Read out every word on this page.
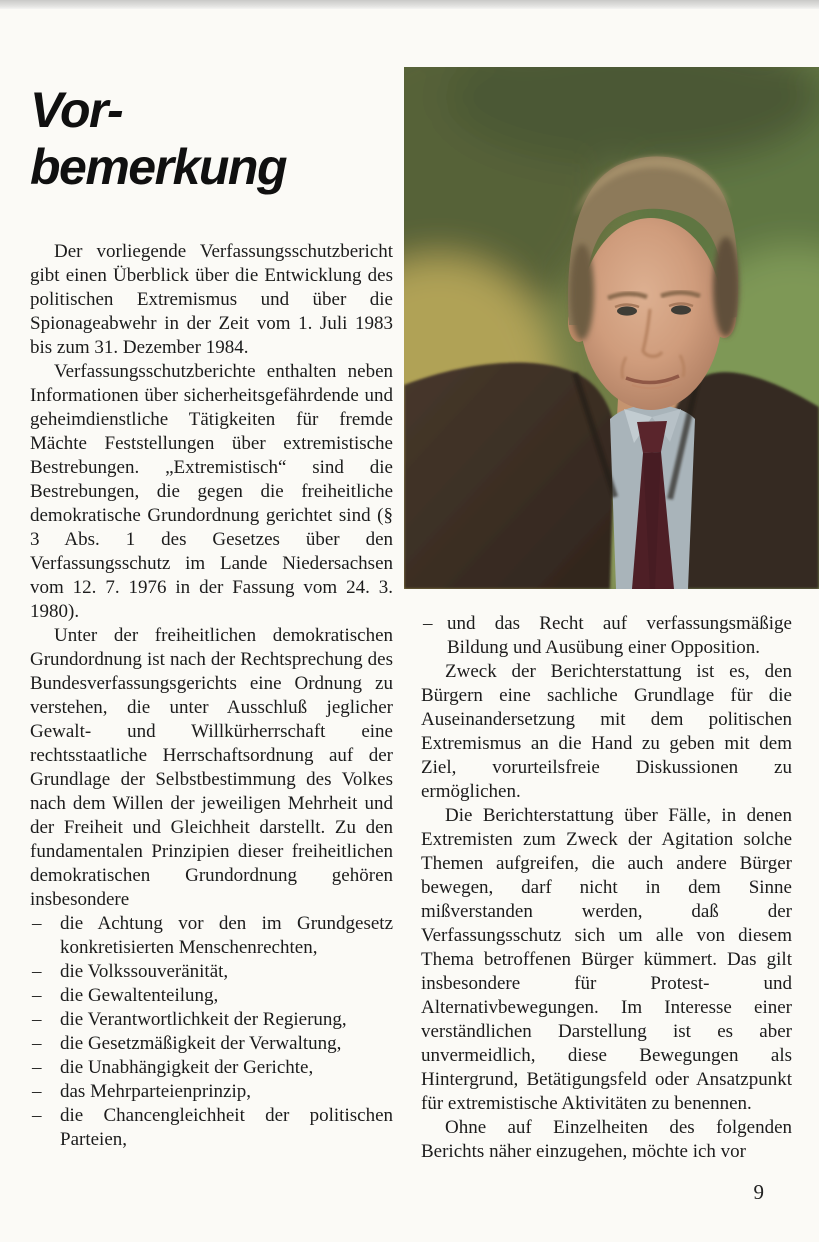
Vor-
bemerkung

Der vorliegende Verfassungsschutzbericht gibt einen Überblick über die Entwicklung des politischen Extremismus und über die Spionageabwehr in der Zeit vom 1. Juli 1983 bis zum 31. Dezember 1984.

Verfassungsschutzberichte enthalten neben Informationen über sicherheitsgefährdende und geheimdienstliche Tätigkeiten für fremde Mächte Feststellungen über extremistische Bestrebungen. „Extremistisch“ sind die Bestrebungen, die gegen die freiheitliche demokratische Grundordnung gerichtet sind (§ 3 Abs. 1 des Gesetzes über den Verfassungsschutz im Lande Niedersachsen vom 12. 7. 1976 in der Fassung vom 24. 3. 1980).

Unter der freiheitlichen demokratischen Grundordnung ist nach der Rechtsprechung des Bundesverfassungsgerichts eine Ordnung zu verstehen, die unter Ausschluß jeglicher Gewalt- und Willkürherrschaft eine rechtsstaatliche Herrschaftsordnung auf der Grundlage der Selbstbestimmung des Volkes nach dem Willen der jeweiligen Mehrheit und der Freiheit und Gleichheit darstellt. Zu den fundamentalen Prinzipien dieser freiheitlichen demokratischen Grundordnung gehören insbesondere

– die Achtung vor den im Grundgesetz konkretisierten Menschenrechten,
– die Volkssouveränität,
– die Gewaltenteilung,
– die Verantwortlichkeit der Regierung,
– die Gesetzmäßigkeit der Verwaltung,
– die Unabhängigkeit der Gerichte,
– das Mehrparteienprinzip,
– die Chancengleichheit der politischen Parteien,
– und das Recht auf verfassungsmäßige Bildung und Ausübung einer Opposition.

Zweck der Berichterstattung ist es, den Bürgern eine sachliche Grundlage für die Auseinandersetzung mit dem politischen Extremismus an die Hand zu geben mit dem Ziel, vorurteilsfreie Diskussionen zu ermöglichen.

Die Berichterstattung über Fälle, in denen Extremisten zum Zweck der Agitation solche Themen aufgreifen, die auch andere Bürger bewegen, darf nicht in dem Sinne mißverstanden werden, daß der Verfassungsschutz sich um alle von diesem Thema betroffenen Bürger kümmert. Das gilt insbesondere für Protest- und Alternativbewegungen. Im Interesse einer verständlichen Darstellung ist es aber unvermeidlich, diese Bewegungen als Hintergrund, Betätigungsfeld oder Ansatzpunkt für extremistische Aktivitäten zu benennen.

Ohne auf Einzelheiten des folgenden Berichts näher einzugehen, möchte ich vor

9
